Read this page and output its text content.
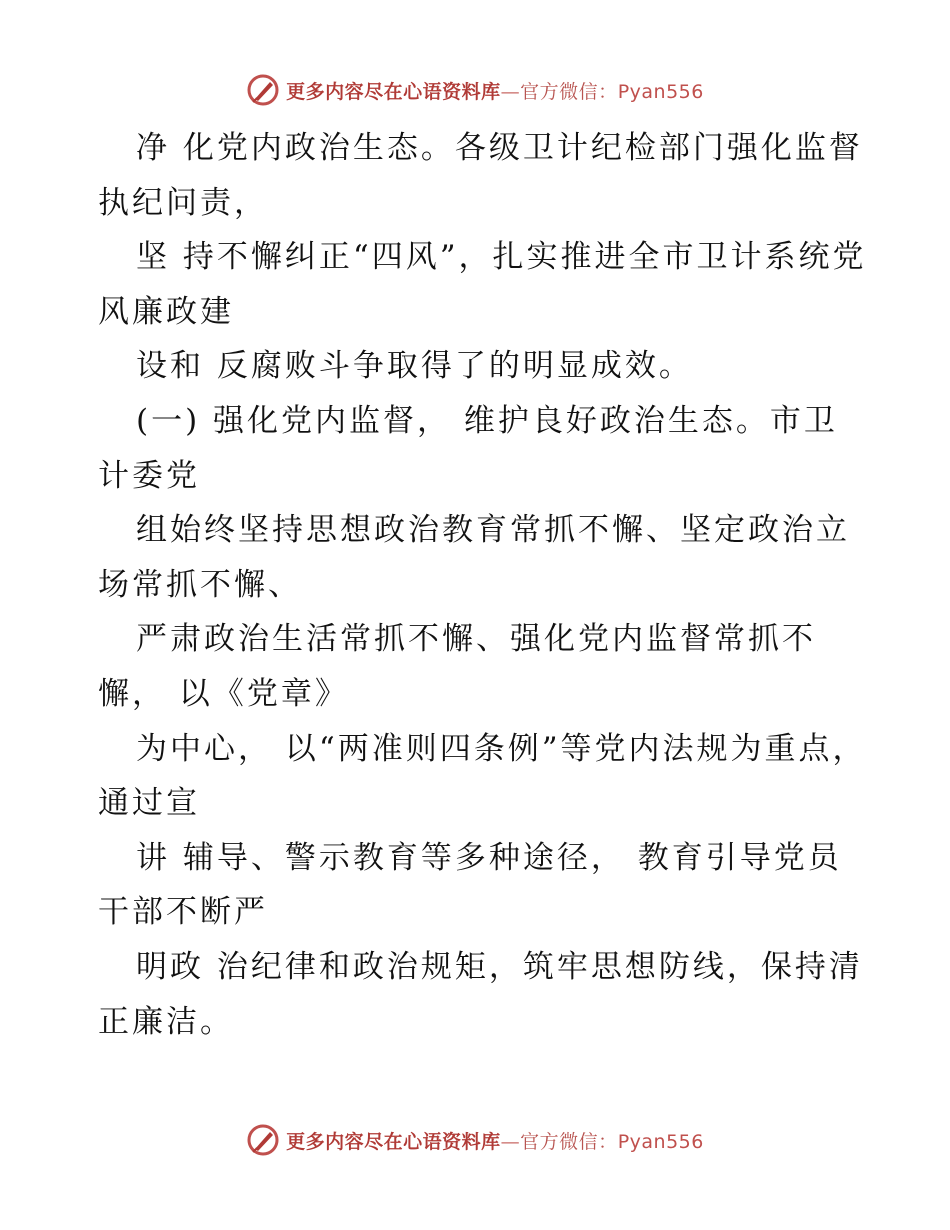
更多内容尽在心语资料库—官方微信：Pyan556

净 化党内政治生态。各级卫计纪检部门强化监督执纪问责，

坚 持不懈纠正“四风”，扎实推进全市卫计系统党风廉政建

设和 反腐败斗争取得了的明显成效。

(一) 强化党内监督， 维护良好政治生态。市卫计委党

组始终坚持思想政治教育常抓不懈、坚定政治立场常抓不懈、

严肃政治生活常抓不懈、强化党内监督常抓不懈， 以《党章》

为中心， 以“两准则四条例”等党内法规为重点， 通过宣

讲 辅导、警示教育等多种途径， 教育引导党员干部不断严

明政 治纪律和政治规矩，筑牢思想防线，保持清正廉洁。

更多内容尽在心语资料库—官方微信：Pyan556
